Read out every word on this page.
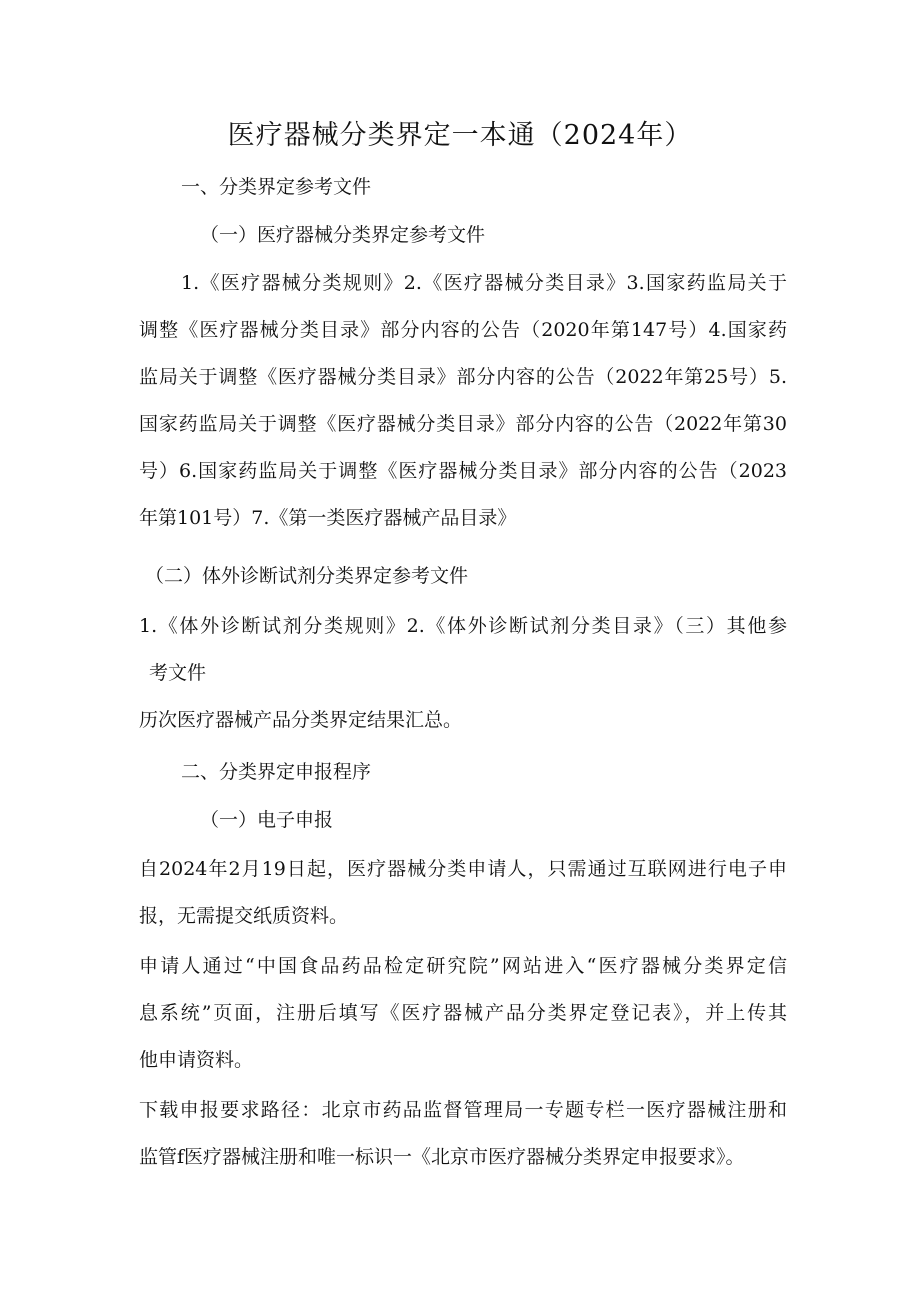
医疗器械分类界定一本通（2024年）
一、分类界定参考文件
（一）医疗器械分类界定参考文件
1.《医疗器械分类规则》2.《医疗器械分类目录》3.国家药监局关于
调整《医疗器械分类目录》部分内容的公告（2020年第147号）4.国家药
监局关于调整《医疗器械分类目录》部分内容的公告（2022年第25号）5.
国家药监局关于调整《医疗器械分类目录》部分内容的公告（2022年第30
号）6.国家药监局关于调整《医疗器械分类目录》部分内容的公告（2023
年第101号）7.《第一类医疗器械产品目录》
（二）体外诊断试剂分类界定参考文件
1.《体外诊断试剂分类规则》2.《体外诊断试剂分类目录》（三）其他参
考文件
历次医疗器械产品分类界定结果汇总。
二、分类界定申报程序
（一）电子申报
自2024年2月19日起，医疗器械分类申请人，只需通过互联网进行电子申
报，无需提交纸质资料。
申请人通过“中国食品药品检定研究院”网站进入“医疗器械分类界定信
息系统”页面，注册后填写《医疗器械产品分类界定登记表》，并上传其
他申请资料。
下载申报要求路径：北京市药品监督管理局一专题专栏一医疗器械注册和
监管f医疗器械注册和唯一标识一《北京市医疗器械分类界定申报要求》。
